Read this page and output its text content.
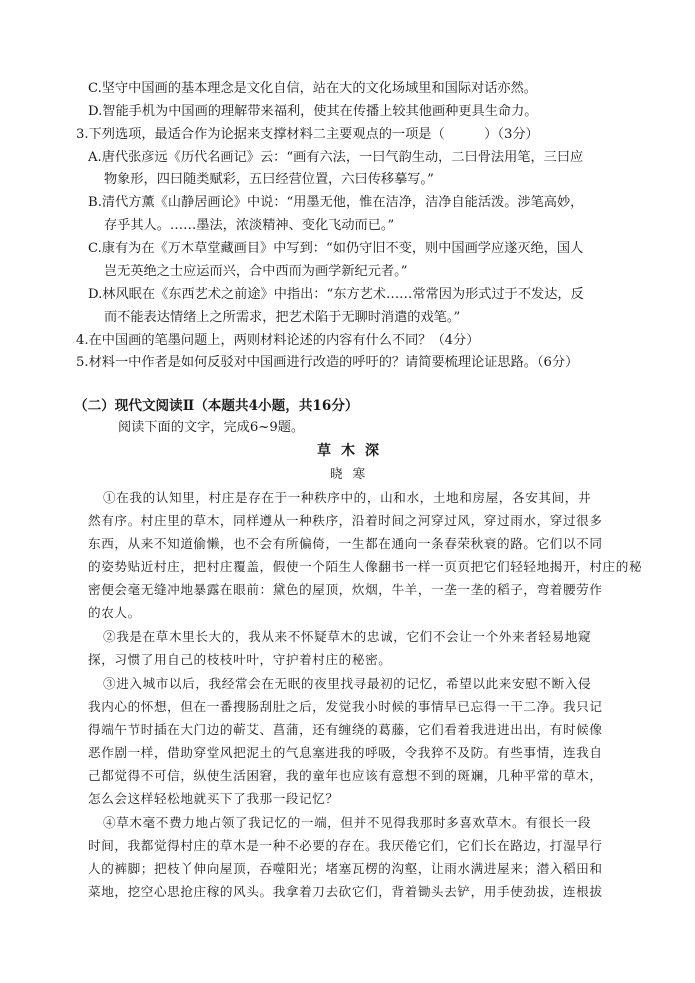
C.坚守中国画的基本理念是文化自信，站在大的文化场域里和国际对话亦然。
D.智能手机为中国画的理解带来福利，使其在传播上较其他画种更具生命力。
3.下列选项，最适合作为论据来支撑材料二主要观点的一项是（　　　）（3分）
A.唐代张彦远《历代名画记》云：“画有六法，一曰气韵生动，二曰骨法用笔，三曰应
物象形，四曰随类赋彩，五曰经营位置，六曰传移摹写。”
B.清代方薰《山静居画论》中说：“用墨无他，惟在洁净，洁净自能活泼。涉笔高妙，
存乎其人。……墨法，浓淡精神、变化飞动而已。”
C.康有为在《万木草堂藏画目》中写到：“如仍守旧不变，则中国画学应遂灭绝，国人
岂无英绝之士应运而兴，合中西而为画学新纪元者。”
D.林风眠在《东西艺术之前途》中指出：“东方艺术……常常因为形式过于不发达，反
而不能表达情绪上之所需求，把艺术陷于无聊时消遣的戏笔。”
4.在中国画的笔墨问题上，两则材料论述的内容有什么不同？（4分）
5.材料一中作者是如何反驳对中国画进行改造的呼吁的？请简要梳理论证思路。（6分）
（二）现代文阅读Ⅱ（本题共4小题，共16分）
阅读下面的文字，完成6~9题。
草木深
晓寒
①在我的认知里，村庄是存在于一种秩序中的，山和水，土地和房屋，各安其间，井
然有序。村庄里的草木，同样遵从一种秩序，沿着时间之河穿过风，穿过雨水，穿过很多
东西，从来不知道偷懒，也不会有所偏倚，一生都在通向一条春荣秋衰的路。它们以不同
的姿势贴近村庄，把村庄覆盖，假使一个陌生人像翻书一样一页页把它们轻轻地揭开，村庄的秘
密便会毫无缝冲地暴露在眼前：黛色的屋顶，炊烟，牛羊，一垄一垄的稻子，弯着腰劳作
的农人。
②我是在草木里长大的，我从来不怀疑草木的忠诚，它们不会让一个外来者轻易地窥
探，习惯了用自己的枝枝叶叶，守护着村庄的秘密。
③进入城市以后，我经常会在无眠的夜里找寻最初的记忆，希望以此来安慰不断入侵
我内心的怀想，但在一番搜肠刮肚之后，发觉我小时候的事情早已忘得一干二净。我只记
得端午节时插在大门边的蕲艾、菖蒲，还有缠绕的葛藤，它们看着我进进出出，有时候像
恶作剧一样，借助穿堂风把泥土的气息塞进我的呼吸，令我猝不及防。有些事情，连我自
己都觉得不可信，纵使生活困窘，我的童年也应该有意想不到的斑斓，几种平常的草木，
怎么会这样轻松地就买下了我那一段记忆？
④草木毫不费力地占领了我记忆的一端，但并不见得我那时多喜欢草木。有很长一段
时间，我都觉得村庄的草木是一种不必要的存在。我厌倦它们，它们长在路边，打湿早行
人的裤脚；把枝丫伸向屋顶，吞噬阳光；堵塞瓦楞的沟壑，让雨水满进屋来；潜入稻田和
菜地，挖空心思抢庄稼的风头。我拿着刀去砍它们，背着锄头去铲，用手使劲拔，连根拔
